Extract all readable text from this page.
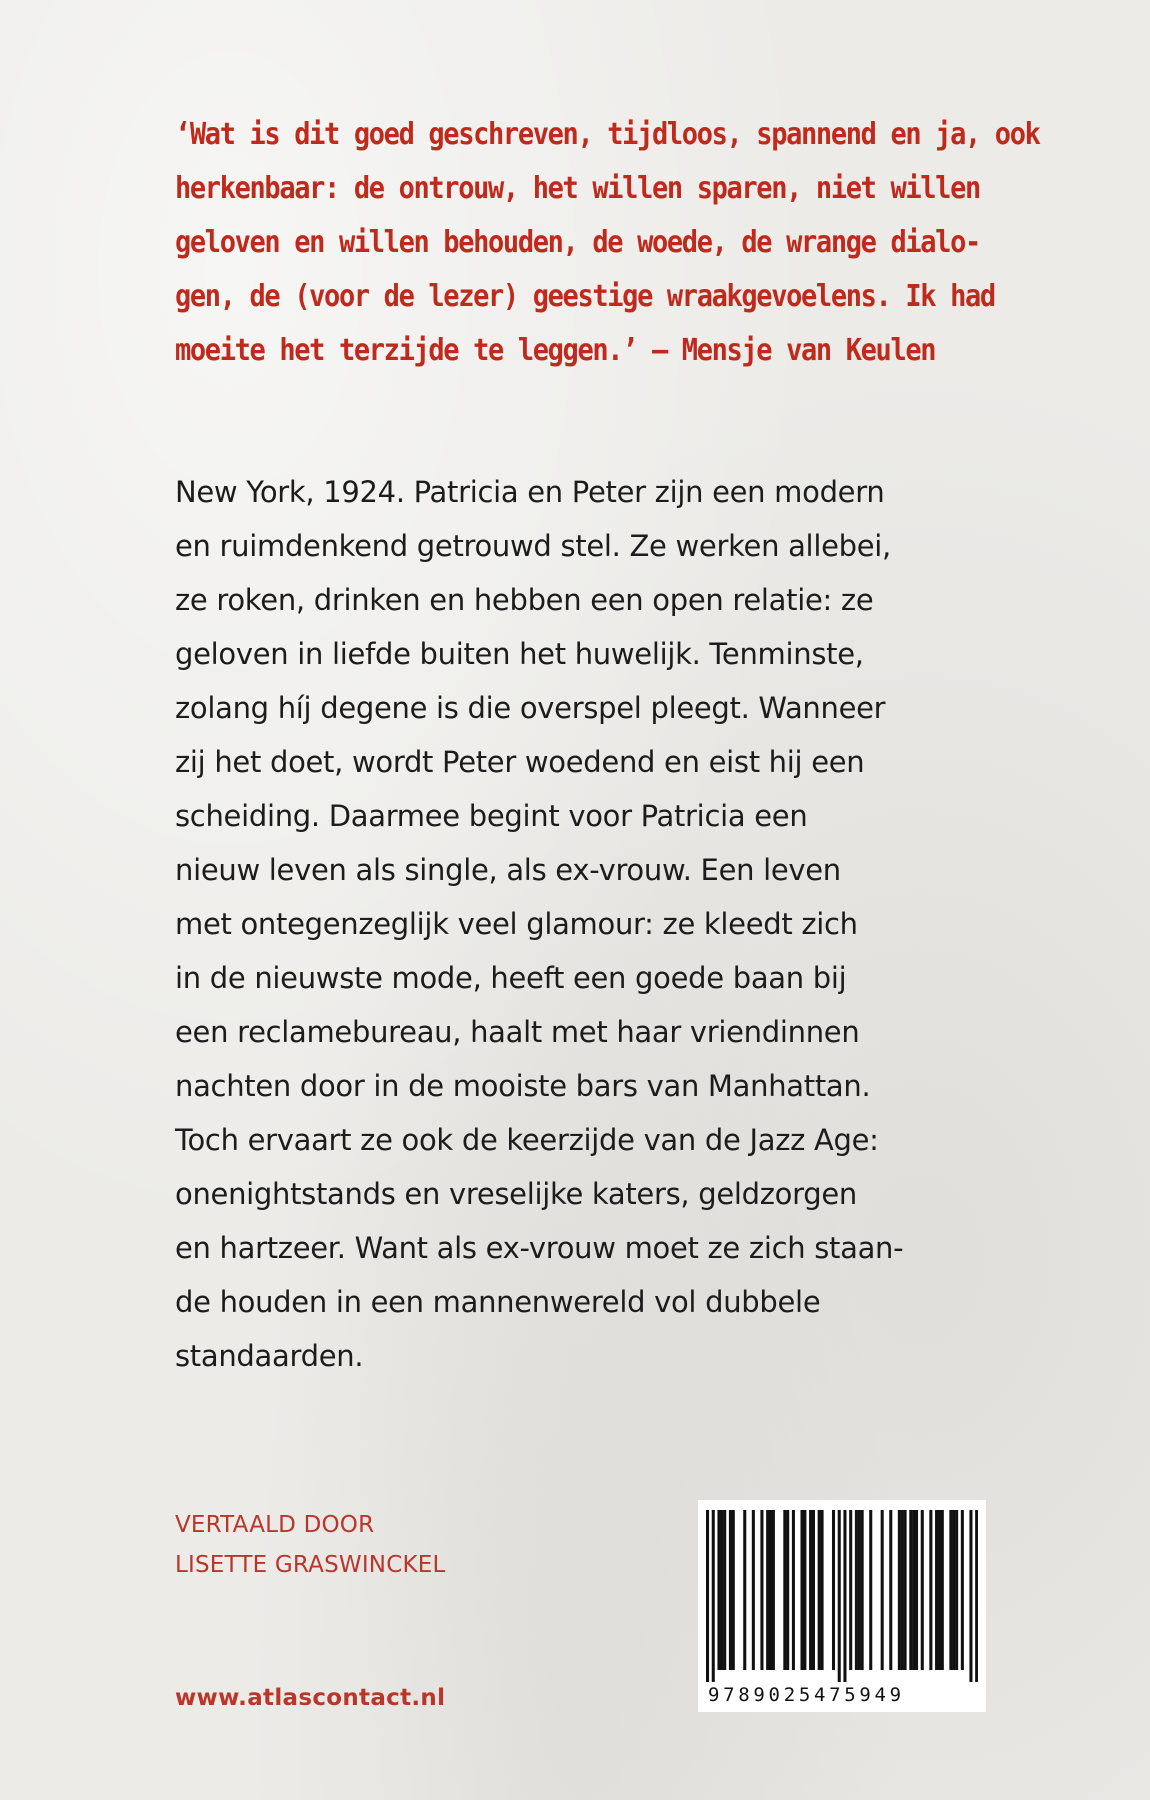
‘Wat is dit goed geschreven, tijdloos, spannend en ja, ook
herkenbaar: de ontrouw, het willen sparen, niet willen
geloven en willen behouden, de woede, de wrange dialo-
gen, de (voor de lezer) geestige wraakgevoelens. Ik had
moeite het terzijde te leggen.’ – Mensje van Keulen
New York, 1924. Patricia en Peter zijn een modern
en ruimdenkend getrouwd stel. Ze werken allebei,
ze roken, drinken en hebben een open relatie: ze
geloven in liefde buiten het huwelijk. Tenminste,
zolang híj degene is die overspel pleegt. Wanneer
zij het doet, wordt Peter woedend en eist hij een
scheiding. Daarmee begint voor Patricia een
nieuw leven als single, als ex-vrouw. Een leven
met ontegenzeglijk veel glamour: ze kleedt zich
in de nieuwste mode, heeft een goede baan bij
een reclamebureau, haalt met haar vriendinnen
nachten door in de mooiste bars van Manhattan.
Toch ervaart ze ook de keerzijde van de Jazz Age:
onenightstands en vreselijke katers, geldzorgen
en hartzeer. Want als ex-vrouw moet ze zich staan-
de houden in een mannenwereld vol dubbele
standaarden.
VERTAALD DOOR
LISETTE GRASWINCKEL
www.atlascontact.nl	9789025475949
